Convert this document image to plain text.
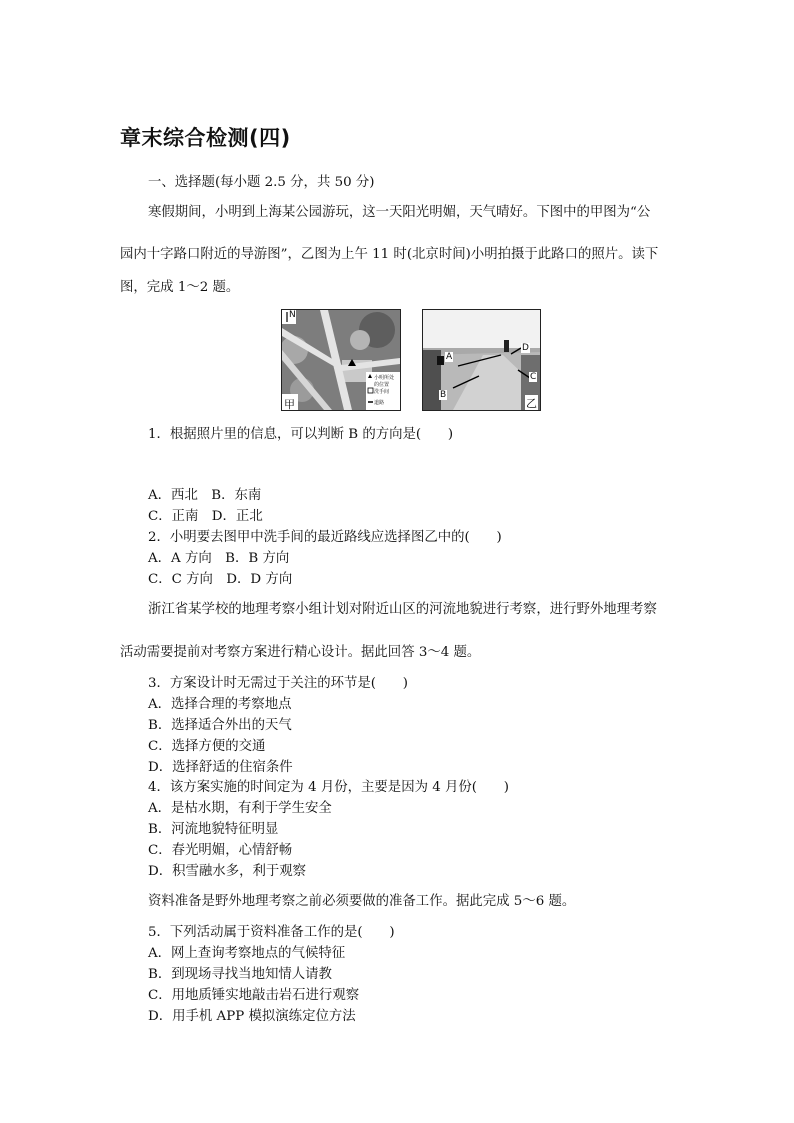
章末综合检测(四)
一、选择题(每小题 2.5 分，共 50 分)
寒假期间，小明到上海某公园游玩，这一天阳光明媚，天气晴好。下图中的甲图为“公
园内十字路口附近的导游图”，乙图为上午 11 时(北京时间)小明拍摄于此路口的照片。读下
图，完成 1～2 题。
N
甲
小明所处
的位置
洗手间
道路
A
B
C
D
乙
1．根据照片里的信息，可以判断 B 的方向是(　　)
A．西北　B．东南
C．正南　D．正北
2．小明要去图甲中洗手间的最近路线应选择图乙中的(　　)
A．A 方向　B．B 方向
C．C 方向　D．D 方向
浙江省某学校的地理考察小组计划对附近山区的河流地貌进行考察，进行野外地理考察
活动需要提前对考察方案进行精心设计。据此回答 3～4 题。
3．方案设计时无需过于关注的环节是(　　)
A．选择合理的考察地点
B．选择适合外出的天气
C．选择方便的交通
D．选择舒适的住宿条件
4．该方案实施的时间定为 4 月份，主要是因为 4 月份(　　)
A．是枯水期，有利于学生安全
B．河流地貌特征明显
C．春光明媚，心情舒畅
D．积雪融水多，利于观察
资料准备是野外地理考察之前必须要做的准备工作。据此完成 5～6 题。
5．下列活动属于资料准备工作的是(　　)
A．网上查询考察地点的气候特征
B．到现场寻找当地知情人请教
C．用地质锤实地敲击岩石进行观察
D．用手机 APP 模拟演练定位方法
